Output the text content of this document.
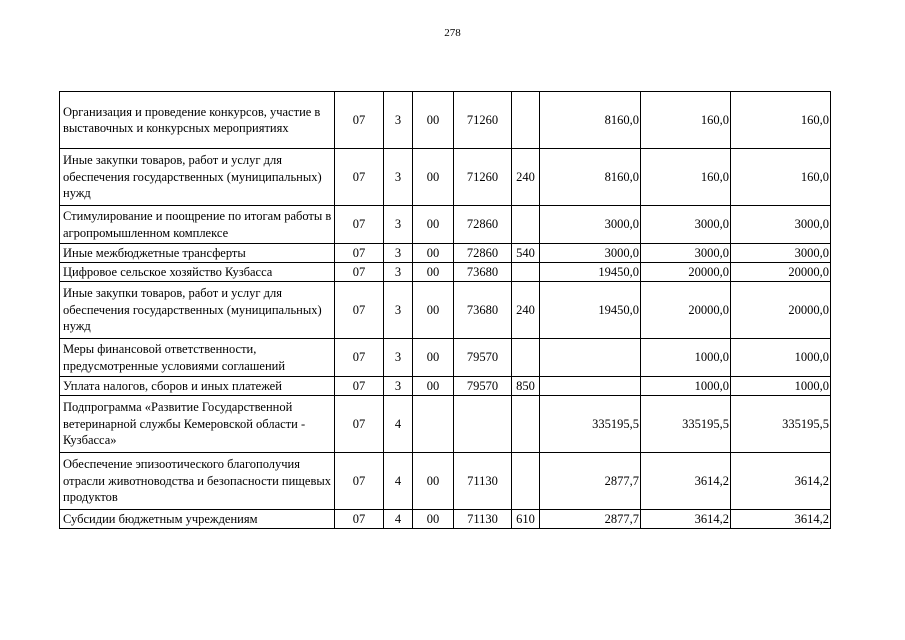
278
Организация и проведение конкурсов, участие в выставочных и конкурсных мероприятиях	07	3	00	71260		8160,0	160,0	160,0
Иные закупки товаров, работ и услуг для обеспечения государственных (муниципальных) нужд	07	3	00	71260	240	8160,0	160,0	160,0
Стимулирование и поощрение по итогам работы в агропромышленном комплексе	07	3	00	72860		3000,0	3000,0	3000,0
Иные межбюджетные трансферты	07	3	00	72860	540	3000,0	3000,0	3000,0
Цифровое сельское хозяйство Кузбасса	07	3	00	73680		19450,0	20000,0	20000,0
Иные закупки товаров, работ и услуг для обеспечения государственных (муниципальных) нужд	07	3	00	73680	240	19450,0	20000,0	20000,0
Меры финансовой ответственности, предусмотренные условиями соглашений	07	3	00	79570			1000,0	1000,0
Уплата налогов, сборов и иных платежей	07	3	00	79570	850		1000,0	1000,0
Подпрограмма «Развитие Государственной ветеринарной службы Кемеровской области - Кузбасса»	07	4				335195,5	335195,5	335195,5
Обеспечение эпизоотического благополучия отрасли животноводства и безопасности пищевых продуктов	07	4	00	71130		2877,7	3614,2	3614,2
Субсидии бюджетным учреждениям	07	4	00	71130	610	2877,7	3614,2	3614,2
